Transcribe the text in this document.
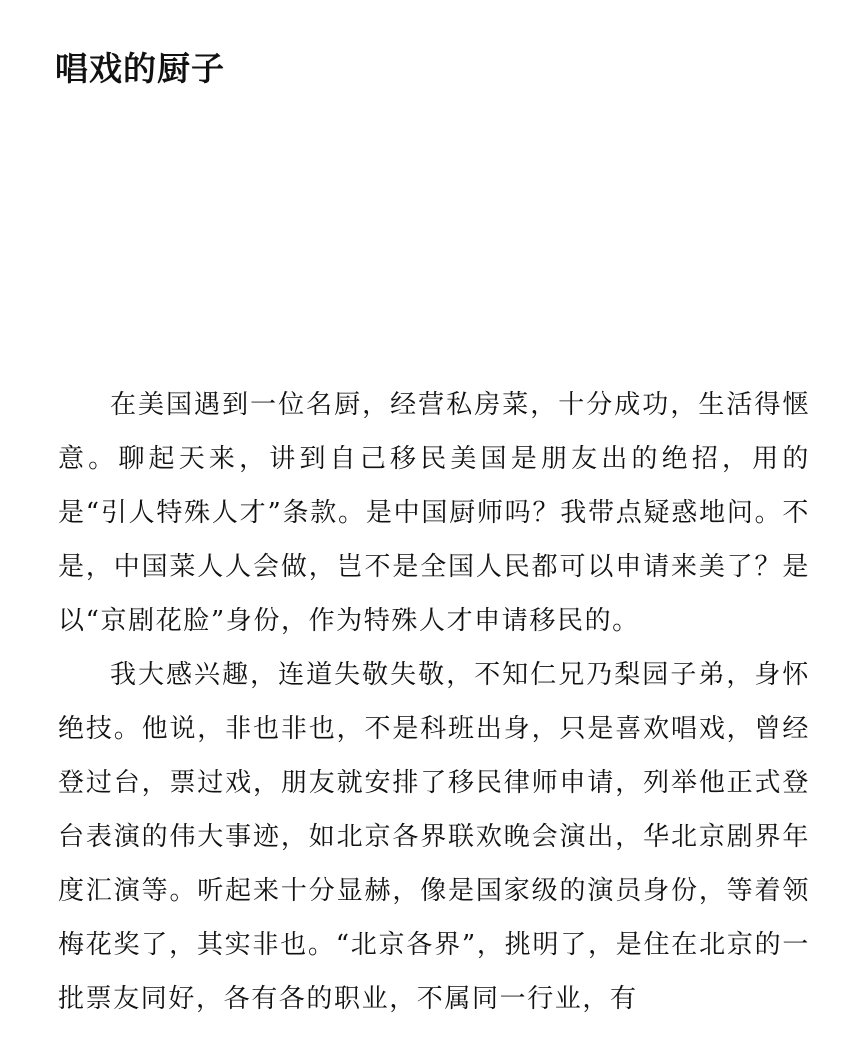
唱戏的厨子

在美国遇到一位名厨，经营私房菜，十分成功，生活得惬意。聊起天来，讲到自己移民美国是朋友出的绝招，用的是“引人特殊人才”条款。是中国厨师吗？我带点疑惑地问。不是，中国菜人人会做，岂不是全国人民都可以申请来美了？是以“京剧花脸”身份，作为特殊人才申请移民的。

我大感兴趣，连道失敬失敬，不知仁兄乃梨园子弟，身怀绝技。他说，非也非也，不是科班出身，只是喜欢唱戏，曾经登过台，票过戏，朋友就安排了移民律师申请，列举他正式登台表演的伟大事迹，如北京各界联欢晚会演出，华北京剧界年度汇演等。听起来十分显赫，像是国家级的演员身份，等着领梅花奖了，其实非也。“北京各界”，挑明了，是住在北京的一批票友同好，各有各的职业，不属同一行业，有
